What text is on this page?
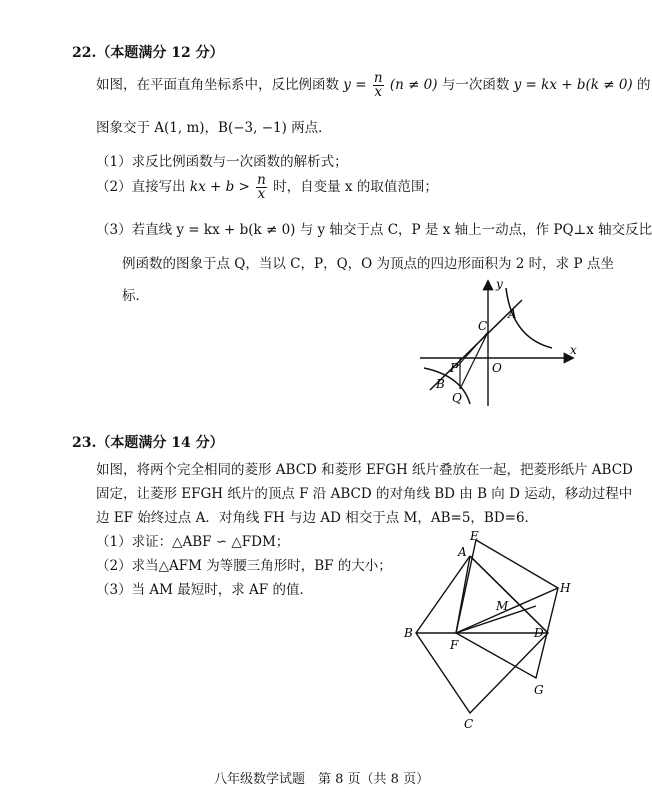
22.（本题满分 12 分）
如图，在平面直角坐标系中，反比例函数 $y = \frac{n}{x} (n \ne 0)$ 与一次函数 y = kx + b(k ≠ 0) 的
图象交于 A(1, m)，B(−3, −1) 两点．
（1）求反比例函数与一次函数的解析式；
（2）直接写出 kx + $b > \frac{n}{x}$ 时，自变量 x 的取值范围；
（3）若直线 y = kx + b(k ≠ 0) 与 y 轴交于点 C，P 是 x 轴上一动点，作 PQ⊥x 轴交反比
例函数的图象于点 Q，当以 C，P，Q，O 为顶点的四边形面积为 2 时，求 P 点坐
标．
y
x
A
C
P	O
B
Q
23.（本题满分 14 分）
如图，将两个完全相同的菱形 ABCD 和菱形 EFGH 纸片叠放在一起，把菱形纸片 ABCD
固定，让菱形 EFGH 纸片的顶点 F 沿 ABCD 的对角线 BD 由 B 向 D 运动，移动过程中
边 EF 始终过点 A．对角线 FH 与边 AD 相交于点 M，AB=5，BD=6．
（1）求证：△ABF ∽ △FDM；
（2）求当△AFM 为等腰三角形时，BF 的大小；
（3）当 AM 最短时，求 AF 的值．
E
A
H
M
B
F
D
G
C
八年级数学试题　第 8 页（共 8 页）
